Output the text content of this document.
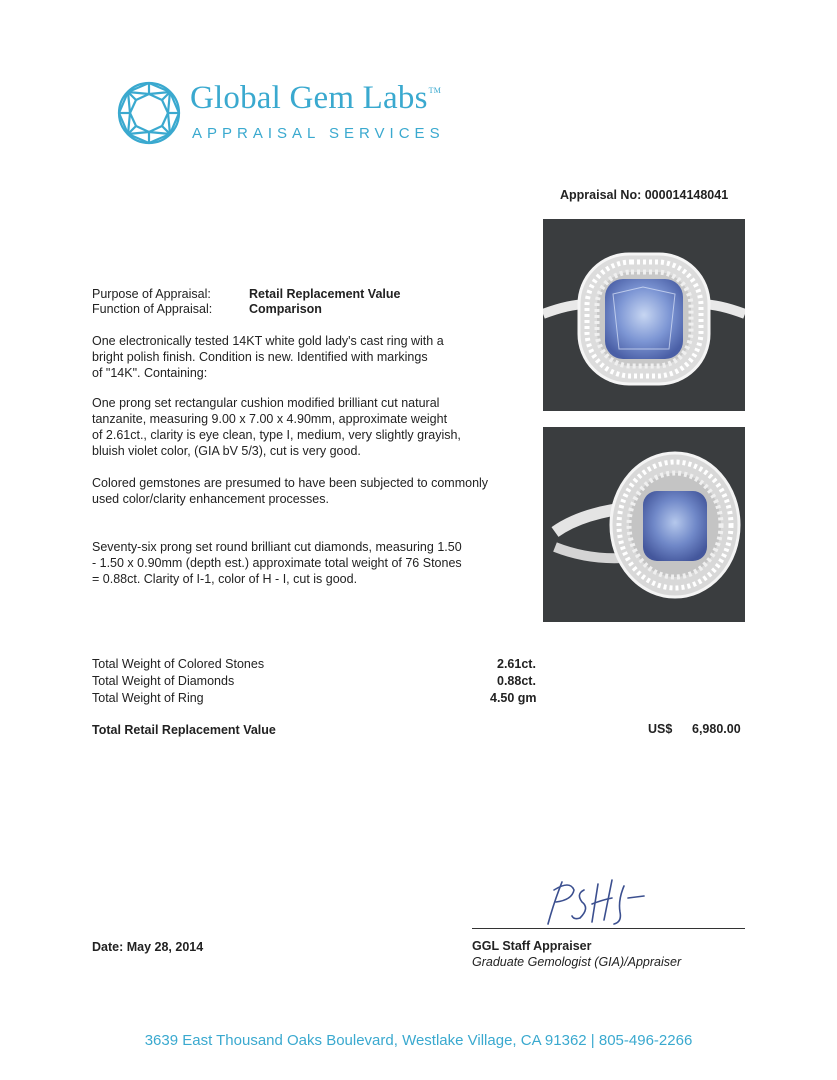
Global Gem Labs™
APPRAISAL SERVICES
Appraisal No: 000014148041
Purpose of Appraisal:	Retail Replacement Value
Function of Appraisal:	Comparison
One electronically tested 14KT white gold lady's cast ring with a
bright polish finish. Condition is new. Identified with markings
of "14K". Containing:
One prong set rectangular cushion modified brilliant cut natural
tanzanite, measuring 9.00 x 7.00 x 4.90mm, approximate weight
of 2.61ct., clarity is eye clean, type I, medium, very slightly grayish,
bluish violet color, (GIA bV 5/3), cut is very good.
Colored gemstones are presumed to have been subjected to commonly
used color/clarity enhancement processes.
Seventy-six prong set round brilliant cut diamonds, measuring 1.50
- 1.50 x 0.90mm (depth est.) approximate total weight of 76 Stones
= 0.88ct. Clarity of I-1, color of H - I, cut is good.
Total Weight of Colored Stones	2.61ct.
Total Weight of Diamonds	0.88ct.
Total Weight of Ring	4.50 gm
Total Retail Replacement Value	US$ 6,980.00
Date: May 28, 2014	GGL Staff Appraiser
Graduate Gemologist (GIA)/Appraiser
3639 East Thousand Oaks Boulevard, Westlake Village, CA 91362 | 805-496-2266
